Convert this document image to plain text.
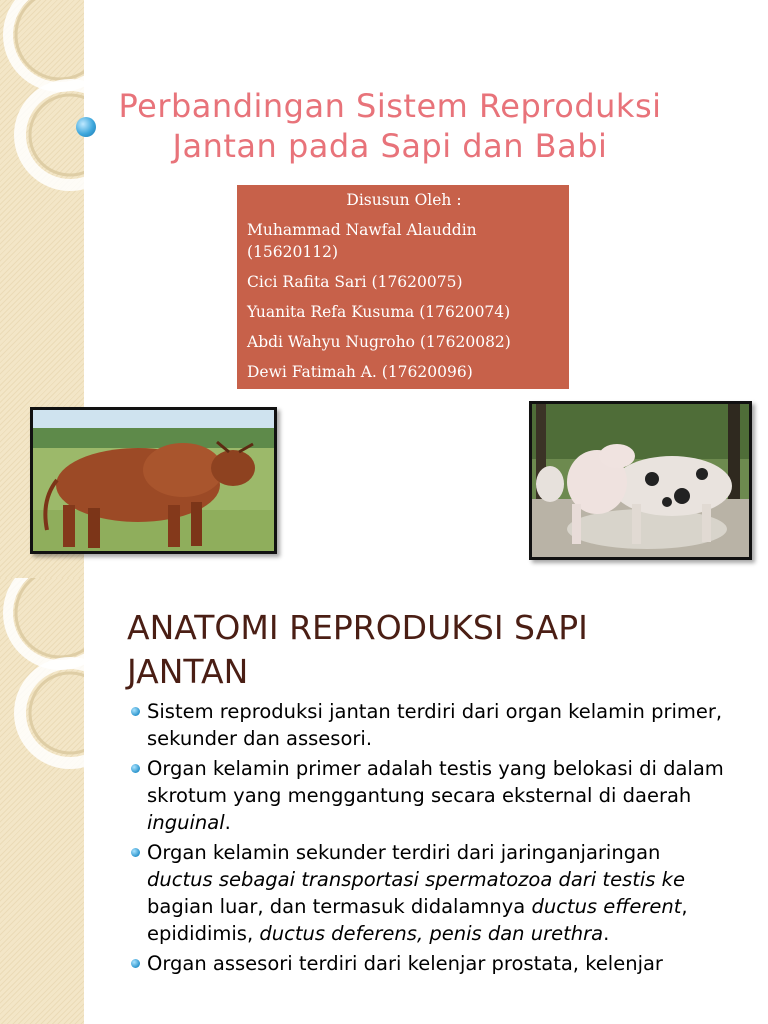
Perbandingan Sistem Reproduksi
Jantan pada Sapi dan Babi
Disusun Oleh :
Muhammad Nawfal Alauddin
(15620112)
Cici Rafita Sari (17620075)
Yuanita Refa Kusuma (17620074)
Abdi Wahyu Nugroho (17620082)
Dewi Fatimah A. (17620096)
ANATOMI REPRODUKSI SAPI
JANTAN
Sistem reproduksi jantan terdiri dari organ kelamin primer,
sekunder dan assesori.
Organ kelamin primer adalah testis yang belokasi di dalam
skrotum yang menggantung secara eksternal di daerah
inguinal.
Organ kelamin sekunder terdiri dari jaringanjaringan
ductus sebagai transportasi spermatozoa dari testis ke
bagian luar, dan termasuk didalamnya ductus efferent,
epididimis, ductus deferens, penis dan urethra.
Organ assesori terdiri dari kelenjar prostata, kelenjar
